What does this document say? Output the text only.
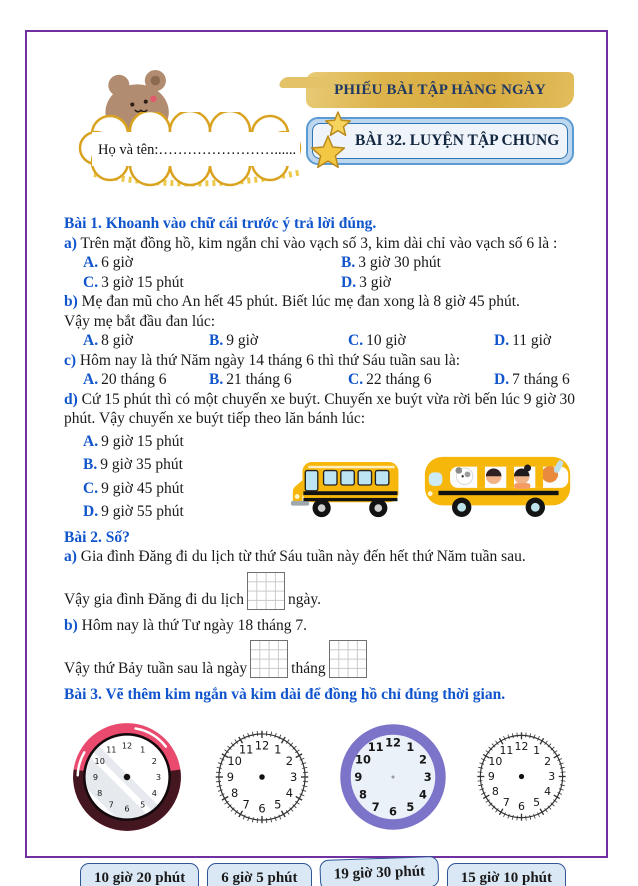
Họ và tên:……………………......
PHIẾU BÀI TẬP HÀNG NGÀY
BÀI 32. LUYỆN TẬP CHUNG
Bài 1. Khoanh vào chữ cái trước ý trả lời đúng.

a) Trên mặt đồng hồ, kim ngắn chỉ vào vạch số 3, kim dài chỉ vào vạch số 6 là :

A. 6 giờ	B. 3 giờ 30 phút
C. 3 giờ 15 phút	D. 3 giờ

b) Mẹ đan mũ cho An hết 45 phút. Biết lúc mẹ đan xong là 8 giờ 45 phút.

Vậy mẹ bắt đầu đan lúc:

A. 8 giờ	B. 9 giờ	C. 10 giờ	D. 11 giờ

c) Hôm nay là thứ Năm ngày 14 tháng 6 thì thứ Sáu tuần sau là:

A. 20 tháng 6	B. 21 tháng 6	C. 22 tháng 6	D. 7 tháng 6

d) Cứ 15 phút thì có một chuyến xe buýt. Chuyến xe buýt vừa rời bến lúc 9 giờ 30 phút. Vậy chuyến xe buýt tiếp theo lăn bánh lúc:

A. 9 giờ 15 phút
B. 9 giờ 35 phút
C. 9 giờ 45 phút
D. 9 giờ 55 phút
Bài 2. Số?

a) Gia đình Đăng đi du lịch từ thứ Sáu tuần này đến hết thứ Năm tuần sau.

Vậy gia đình Đăng đi du lịch	ngày.

b) Hôm nay là thứ Tư ngày 18 tháng 7.

Vậy thứ Bảy tuần sau là ngày	tháng
Bài 3. Vẽ thêm kim ngắn và kim dài để đồng hồ chỉ đúng thời gian.
12 1
2
3
4
5
6
7
8
9
10
11	12 1
2
3
4
5
6
7
8
9
10
11
12 1
2
3
4
5
6
7
8
9
10
11	12 1
2
3
4
5
6
7
8
9
10
11
10 giờ 20 phút	6 giờ 5 phút	19 giờ 30 phút	15 giờ 10 phút
